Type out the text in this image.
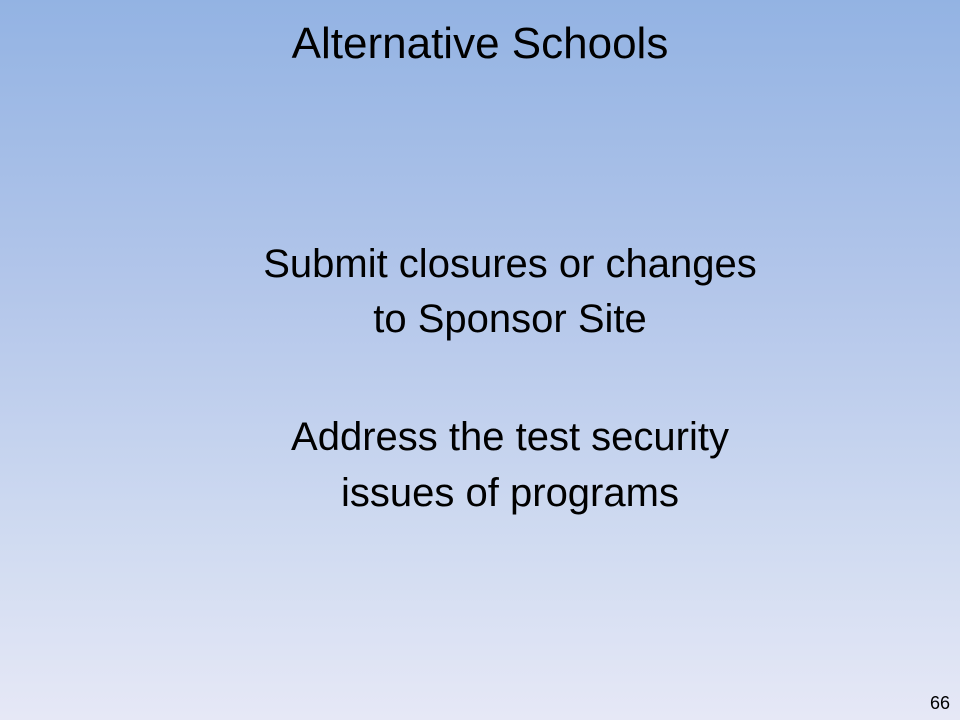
Alternative Schools
Submit closures or changes
to Sponsor Site
Address the test security
issues of programs
66
